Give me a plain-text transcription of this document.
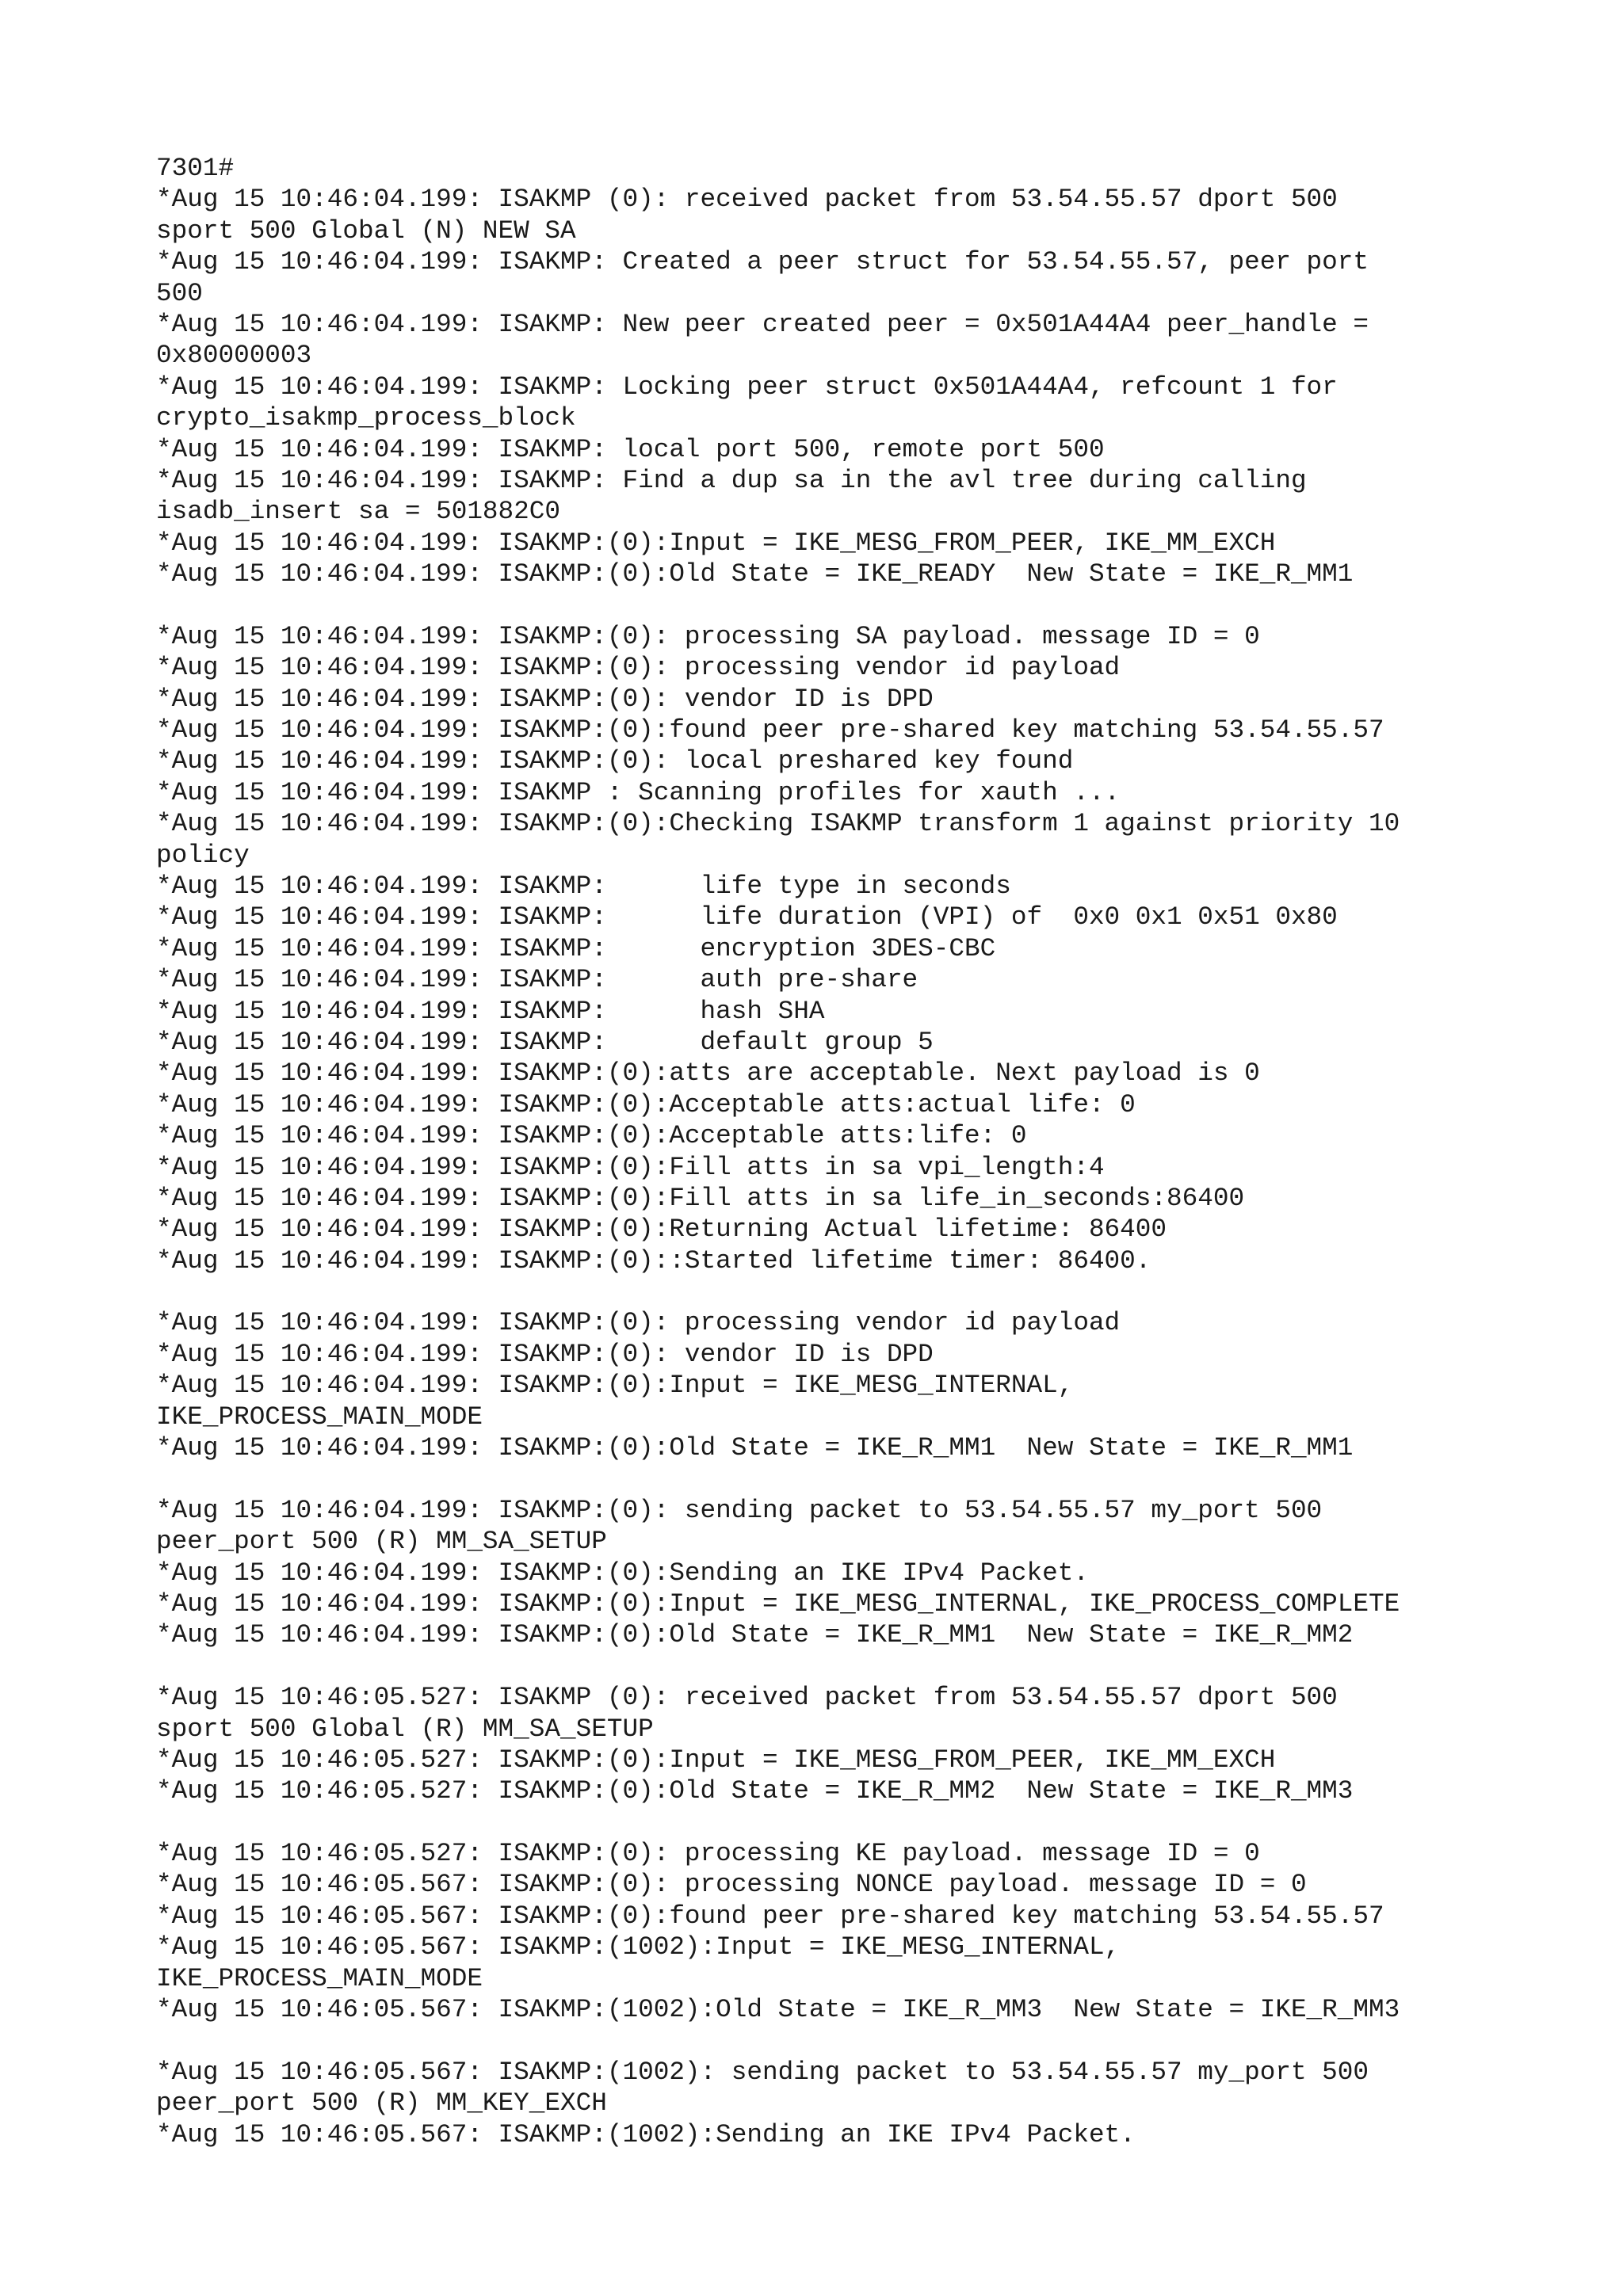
7301#
*Aug 15 10:46:04.199: ISAKMP (0): received packet from 53.54.55.57 dport 500
sport 500 Global (N) NEW SA
*Aug 15 10:46:04.199: ISAKMP: Created a peer struct for 53.54.55.57, peer port
500
*Aug 15 10:46:04.199: ISAKMP: New peer created peer = 0x501A44A4 peer_handle =
0x80000003
*Aug 15 10:46:04.199: ISAKMP: Locking peer struct 0x501A44A4, refcount 1 for
crypto_isakmp_process_block
*Aug 15 10:46:04.199: ISAKMP: local port 500, remote port 500
*Aug 15 10:46:04.199: ISAKMP: Find a dup sa in the avl tree during calling
isadb_insert sa = 501882C0
*Aug 15 10:46:04.199: ISAKMP:(0):Input = IKE_MESG_FROM_PEER, IKE_MM_EXCH
*Aug 15 10:46:04.199: ISAKMP:(0):Old State = IKE_READY  New State = IKE_R_MM1
*Aug 15 10:46:04.199: ISAKMP:(0): processing SA payload. message ID = 0
*Aug 15 10:46:04.199: ISAKMP:(0): processing vendor id payload
*Aug 15 10:46:04.199: ISAKMP:(0): vendor ID is DPD
*Aug 15 10:46:04.199: ISAKMP:(0):found peer pre-shared key matching 53.54.55.57
*Aug 15 10:46:04.199: ISAKMP:(0): local preshared key found
*Aug 15 10:46:04.199: ISAKMP : Scanning profiles for xauth ...
*Aug 15 10:46:04.199: ISAKMP:(0):Checking ISAKMP transform 1 against priority 10
policy
*Aug 15 10:46:04.199: ISAKMP:      life type in seconds
*Aug 15 10:46:04.199: ISAKMP:      life duration (VPI) of  0x0 0x1 0x51 0x80
*Aug 15 10:46:04.199: ISAKMP:      encryption 3DES-CBC
*Aug 15 10:46:04.199: ISAKMP:      auth pre-share
*Aug 15 10:46:04.199: ISAKMP:      hash SHA
*Aug 15 10:46:04.199: ISAKMP:      default group 5
*Aug 15 10:46:04.199: ISAKMP:(0):atts are acceptable. Next payload is 0
*Aug 15 10:46:04.199: ISAKMP:(0):Acceptable atts:actual life: 0
*Aug 15 10:46:04.199: ISAKMP:(0):Acceptable atts:life: 0
*Aug 15 10:46:04.199: ISAKMP:(0):Fill atts in sa vpi_length:4
*Aug 15 10:46:04.199: ISAKMP:(0):Fill atts in sa life_in_seconds:86400
*Aug 15 10:46:04.199: ISAKMP:(0):Returning Actual lifetime: 86400
*Aug 15 10:46:04.199: ISAKMP:(0)::Started lifetime timer: 86400.
*Aug 15 10:46:04.199: ISAKMP:(0): processing vendor id payload
*Aug 15 10:46:04.199: ISAKMP:(0): vendor ID is DPD
*Aug 15 10:46:04.199: ISAKMP:(0):Input = IKE_MESG_INTERNAL,
IKE_PROCESS_MAIN_MODE
*Aug 15 10:46:04.199: ISAKMP:(0):Old State = IKE_R_MM1  New State = IKE_R_MM1
*Aug 15 10:46:04.199: ISAKMP:(0): sending packet to 53.54.55.57 my_port 500
peer_port 500 (R) MM_SA_SETUP
*Aug 15 10:46:04.199: ISAKMP:(0):Sending an IKE IPv4 Packet.
*Aug 15 10:46:04.199: ISAKMP:(0):Input = IKE_MESG_INTERNAL, IKE_PROCESS_COMPLETE
*Aug 15 10:46:04.199: ISAKMP:(0):Old State = IKE_R_MM1  New State = IKE_R_MM2
*Aug 15 10:46:05.527: ISAKMP (0): received packet from 53.54.55.57 dport 500
sport 500 Global (R) MM_SA_SETUP
*Aug 15 10:46:05.527: ISAKMP:(0):Input = IKE_MESG_FROM_PEER, IKE_MM_EXCH
*Aug 15 10:46:05.527: ISAKMP:(0):Old State = IKE_R_MM2  New State = IKE_R_MM3
*Aug 15 10:46:05.527: ISAKMP:(0): processing KE payload. message ID = 0
*Aug 15 10:46:05.567: ISAKMP:(0): processing NONCE payload. message ID = 0
*Aug 15 10:46:05.567: ISAKMP:(0):found peer pre-shared key matching 53.54.55.57
*Aug 15 10:46:05.567: ISAKMP:(1002):Input = IKE_MESG_INTERNAL,
IKE_PROCESS_MAIN_MODE
*Aug 15 10:46:05.567: ISAKMP:(1002):Old State = IKE_R_MM3  New State = IKE_R_MM3
*Aug 15 10:46:05.567: ISAKMP:(1002): sending packet to 53.54.55.57 my_port 500
peer_port 500 (R) MM_KEY_EXCH
*Aug 15 10:46:05.567: ISAKMP:(1002):Sending an IKE IPv4 Packet.
